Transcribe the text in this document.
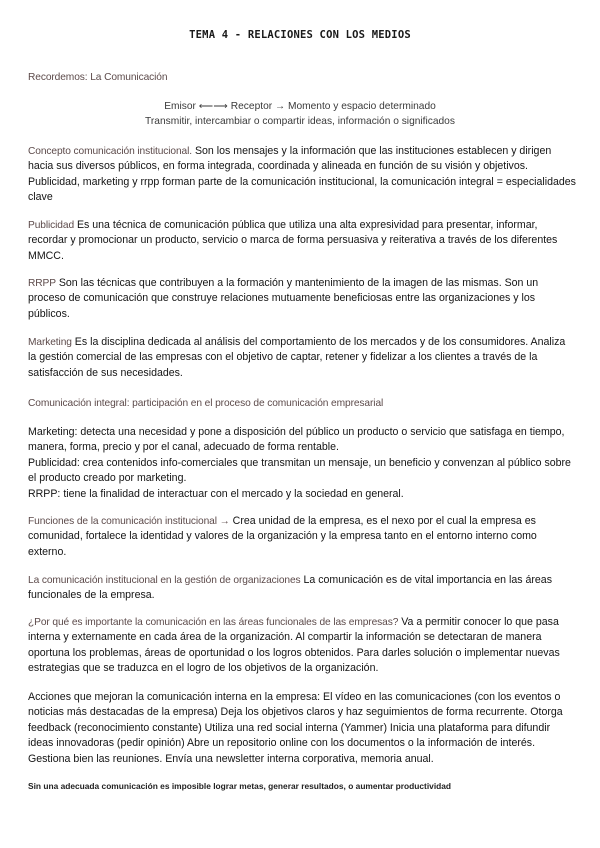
TEMA 4 - RELACIONES CON LOS MEDIOS
Recordemos: La Comunicación
Emisor ⟵⟶ Receptor → Momento y espacio determinado
Transmitir, intercambiar o compartir ideas, información o significados
Concepto comunicación institucional. Son los mensajes y la información que las instituciones establecen y dirigen hacia sus diversos públicos, en forma integrada, coordinada y alineada en función de su visión y objetivos. Publicidad, marketing y rrpp forman parte de la comunicación institucional, la comunicación integral = especialidades clave
Publicidad Es una técnica de comunicación pública que utiliza una alta expresividad para presentar, informar, recordar y promocionar un producto, servicio o marca de forma persuasiva y reiterativa a través de los diferentes MMCC.
RRPP Son las técnicas que contribuyen a la formación y mantenimiento de la imagen de las mismas. Son un proceso de comunicación que construye relaciones mutuamente beneficiosas entre las organizaciones y los públicos.
Marketing Es la disciplina dedicada al análisis del comportamiento de los mercados y de los consumidores. Analiza la gestión comercial de las empresas con el objetivo de captar, retener y fidelizar a los clientes a través de la satisfacción de sus necesidades.
Comunicación integral: participación en el proceso de comunicación empresarial

Marketing: detecta una necesidad y pone a disposición del público un producto o servicio que satisfaga en tiempo, manera, forma, precio y por el canal, adecuado de forma rentable.

Publicidad: crea contenidos info-comerciales que transmitan un mensaje, un beneficio y convenzan al público sobre el producto creado por marketing.

RRPP: tiene la finalidad de interactuar con el mercado y la sociedad en general.

Funciones de la comunicación institucional → Crea unidad de la empresa, es el nexo por el cual la empresa es comunidad, fortalece la identidad y valores de la organización y la empresa tanto en el entorno interno como externo.
La comunicación institucional en la gestión de organizaciones La comunicación es de vital importancia en las áreas funcionales de la empresa.
¿Por qué es importante la comunicación en las áreas funcionales de las empresas? Va a permitir conocer lo que pasa interna y externamente en cada área de la organización. Al compartir la información se detectaran de manera oportuna los problemas, áreas de oportunidad o los logros obtenidos. Para darles solución o implementar nuevas estrategias que se traduzca en el logro de los objetivos de la organización.
Acciones que mejoran la comunicación interna en la empresa: El vídeo en las comunicaciones (con los eventos o noticias más destacadas de la empresa) Deja los objetivos claros y haz seguimientos de forma recurrente. Otorga feedback (reconocimiento constante) Utiliza una red social interna (Yammer) Inicia una plataforma para difundir ideas innovadoras (pedir opinión) Abre un repositorio online con los documentos o la información de interés. Gestiona bien las reuniones. Envía una newsletter interna corporativa, memoria anual.
Sin una adecuada comunicación es imposible lograr metas, generar resultados, o aumentar productividad
